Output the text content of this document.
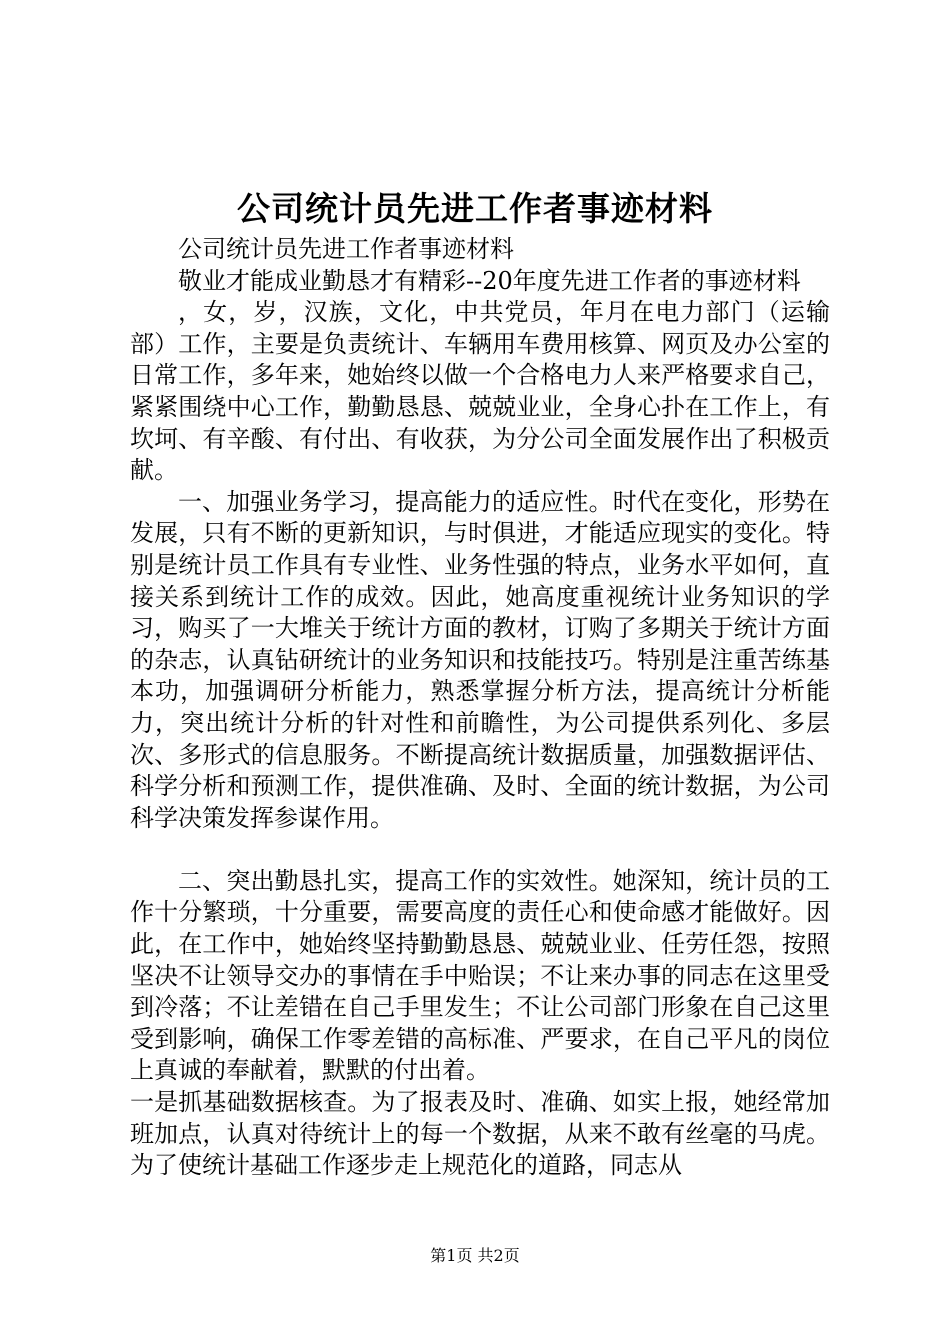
公司统计员先进工作者事迹材料

公司统计员先进工作者事迹材料

敬业才能成业勤恳才有精彩--20年度先进工作者的事迹材料

，女，岁，汉族，文化，中共党员，年月在电力部门（运输部）工作，主要是负责统计、车辆用车费用核算、网页及办公室的日常工作，多年来，她始终以做一个合格电力人来严格要求自己，紧紧围绕中心工作，勤勤恳恳、兢兢业业，全身心扑在工作上，有坎坷、有辛酸、有付出、有收获，为分公司全面发展作出了积极贡献。

一、加强业务学习，提高能力的适应性。时代在变化，形势在发展，只有不断的更新知识，与时俱进，才能适应现实的变化。特别是统计员工作具有专业性、业务性强的特点，业务水平如何，直接关系到统计工作的成效。因此，她高度重视统计业务知识的学习，购买了一大堆关于统计方面的教材，订购了多期关于统计方面的杂志，认真钻研统计的业务知识和技能技巧。特别是注重苦练基本功，加强调研分析能力，熟悉掌握分析方法，提高统计分析能力，突出统计分析的针对性和前瞻性，为公司提供系列化、多层次、多形式的信息服务。不断提高统计数据质量，加强数据评估、科学分析和预测工作，提供准确、及时、全面的统计数据，为公司科学决策发挥参谋作用。

二、突出勤恳扎实，提高工作的实效性。她深知，统计员的工作十分繁琐，十分重要，需要高度的责任心和使命感才能做好。因此，在工作中，她始终坚持勤勤恳恳、兢兢业业、任劳任怨，按照坚决不让领导交办的事情在手中贻误；不让来办事的同志在这里受到冷落；不让差错在自己手里发生；不让公司部门形象在自己这里受到影响，确保工作零差错的高标准、严要求，在自己平凡的岗位上真诚的奉献着，默默的付出着。

一是抓基础数据核查。为了报表及时、准确、如实上报，她经常加班加点，认真对待统计上的每一个数据，从来不敢有丝毫的马虎。为了使统计基础工作逐步走上规范化的道路，同志从

第1页 共2页
